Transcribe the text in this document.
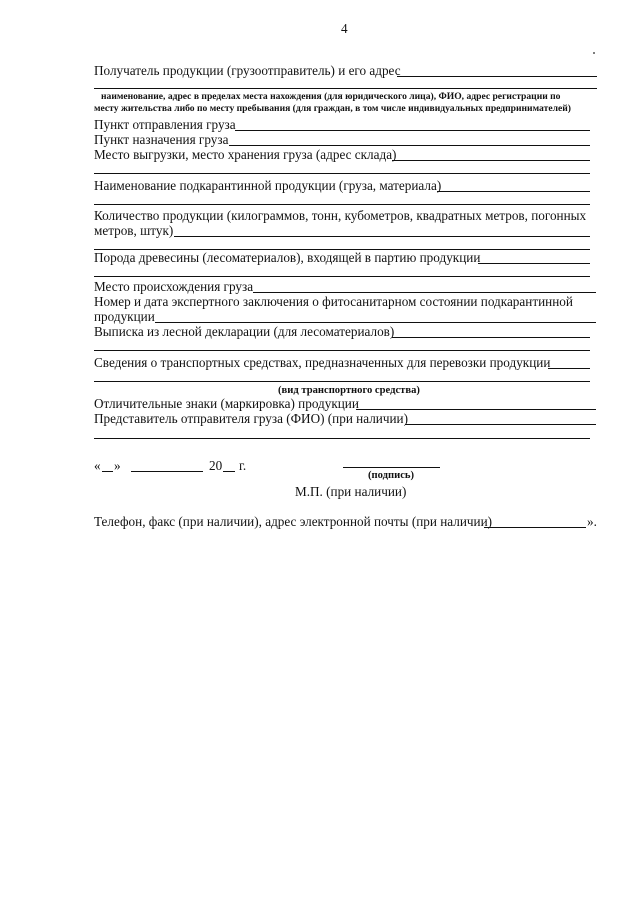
4
Получатель продукции (грузоотправитель) и его адрес
наименование, адрес в пределах места нахождения (для юридического лица), ФИО, адрес регистрации по
месту жительства либо по месту пребывания (для граждан, в том числе индивидуальных предпринимателей)
Пункт отправления груза
Пункт назначения груза
Место выгрузки, место хранения груза (адрес склада)
Наименование подкарантинной продукции (груза, материала)
Количество продукции (килограммов, тонн, кубометров, квадратных метров, погонных
метров, штук)
Порода древесины (лесоматериалов), входящей в партию продукции
Место происхождения груза
Номер и дата экспертного заключения о фитосанитарном состоянии подкарантинной
продукции
Выписка из лесной декларации (для лесоматериалов)
Сведения о транспортных средствах, предназначенных для перевозки продукции
(вид транспортного средства)
Отличительные знаки (маркировка) продукции
Представитель отправителя груза (ФИО) (при наличии)
« »	20 г.
(подпись)
М.П. (при наличии)
Телефон, факс (при наличии), адрес электронной почты (при наличии)	».
